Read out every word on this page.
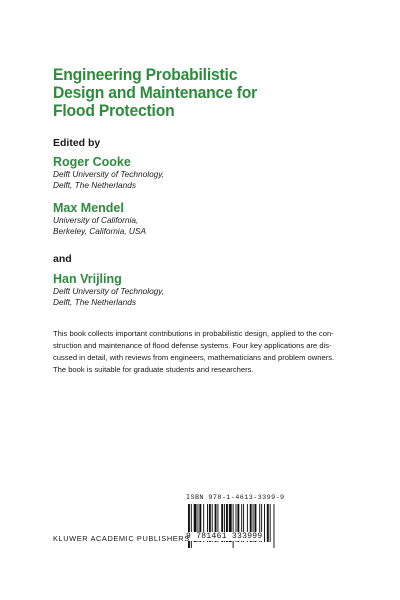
Engineering Probabilistic
Design and Maintenance for
Flood Protection
Edited by
Roger Cooke
Delft University of Technology,
Delft, The Netherlands
Max Mendel
University of California,
Berkeley, California, USA
and
Han Vrijling
Delft University of Technology,
Delft, The Netherlands

This book collects important contributions in probabilistic design, applied to the con-
struction and maintenance of flood defense systems. Four key applications are dis-
cussed in detail, with reviews from engineers, mathematicians and problem owners.
The book is suitable for graduate students and researchers.

ISBN 978-1-4613-3399-9
9 781461 333999
KLUWER ACADEMIC PUBLISHERS
